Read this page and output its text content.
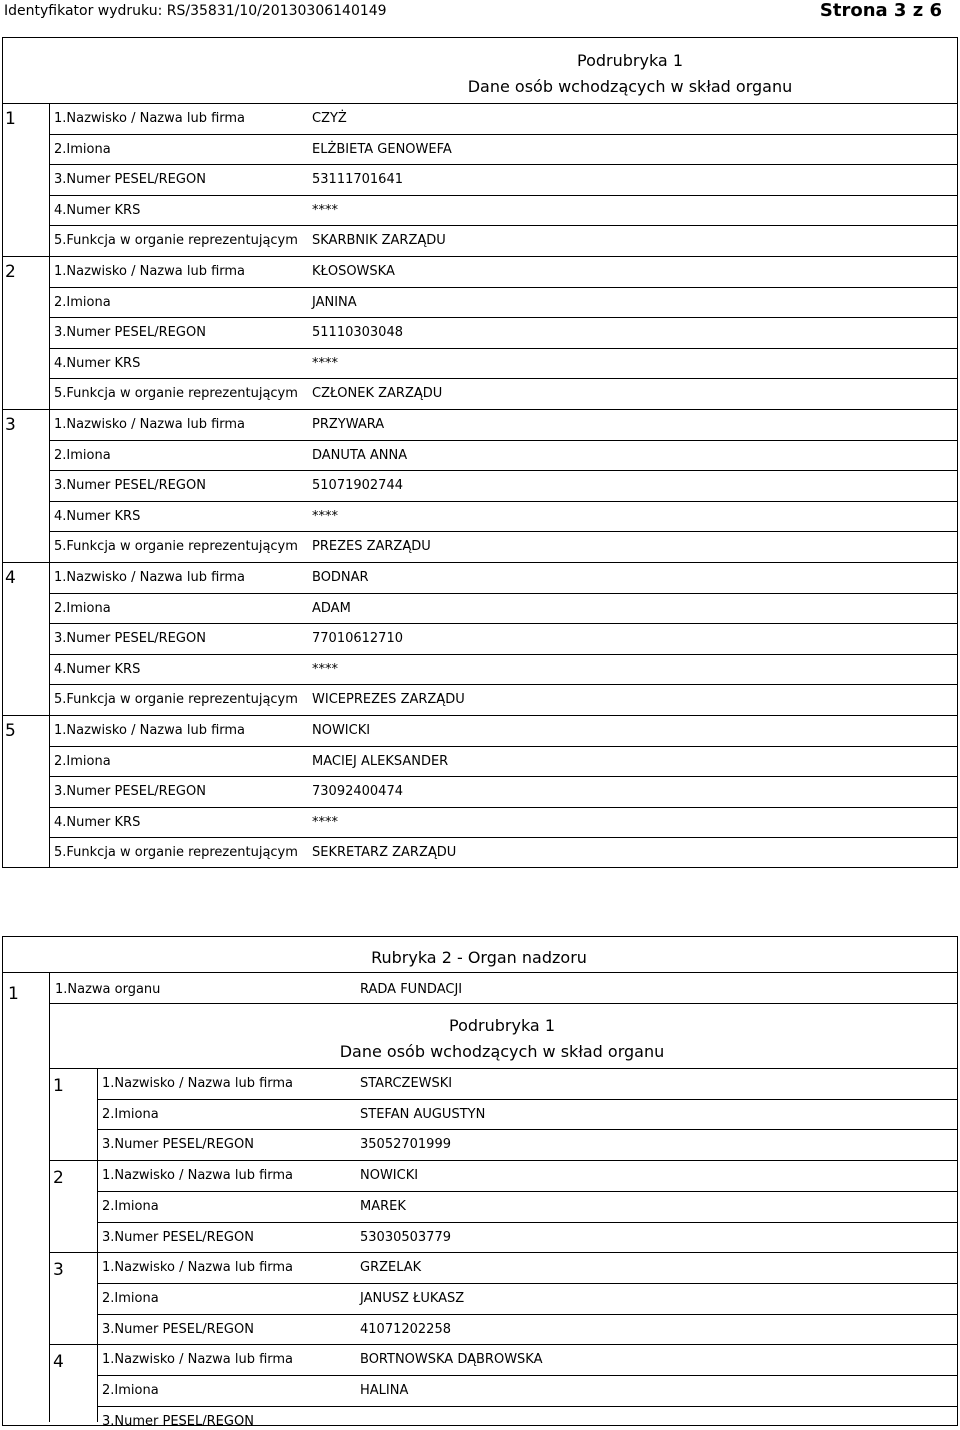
Identyfikator wydruku: RS/35831/10/20130306140149	Strona 3 z 6
Podrubryka 1
Dane osób wchodzących w skład organu
1	1.Nazwisko / Nazwa lub firma	CZYŻ
2.Imiona	ELŻBIETA GENOWEFA
3.Numer PESEL/REGON	53111701641
4.Numer KRS	****
5.Funkcja w organie reprezentującym SKARBNIK ZARZĄDU
2	1.Nazwisko / Nazwa lub firma	KŁOSOWSKA
2.Imiona	JANINA
3.Numer PESEL/REGON	51110303048
4.Numer KRS	****
5.Funkcja w organie reprezentującym CZŁONEK ZARZĄDU
3	1.Nazwisko / Nazwa lub firma	PRZYWARA
2.Imiona	DANUTA ANNA
3.Numer PESEL/REGON	51071902744
4.Numer KRS	****
5.Funkcja w organie reprezentującym PREZES ZARZĄDU
4	1.Nazwisko / Nazwa lub firma	BODNAR
2.Imiona	ADAM
3.Numer PESEL/REGON	77010612710
4.Numer KRS	****
5.Funkcja w organie reprezentującym WICEPREZES ZARZĄDU
5	1.Nazwisko / Nazwa lub firma	NOWICKI
2.Imiona	MACIEJ ALEKSANDER
3.Numer PESEL/REGON	73092400474
4.Numer KRS	****
5.Funkcja w organie reprezentującym SEKRETARZ ZARZĄDU
Rubryka 2 - Organ nadzoru
1	1.Nazwa organu	RADA FUNDACJI
Podrubryka 1
Dane osób wchodzących w skład organu
1	1.Nazwisko / Nazwa lub firma	STARCZEWSKI
2.Imiona	STEFAN AUGUSTYN
3.Numer PESEL/REGON	35052701999
2	1.Nazwisko / Nazwa lub firma	NOWICKI
2.Imiona	MAREK
3.Numer PESEL/REGON	53030503779
3	1.Nazwisko / Nazwa lub firma	GRZELAK
2.Imiona	JANUSZ ŁUKASZ
3.Numer PESEL/REGON	41071202258
4	1.Nazwisko / Nazwa lub firma	BORTNOWSKA DĄBROWSKA
2.Imiona	HALINA
3.Numer PESEL/REGON
